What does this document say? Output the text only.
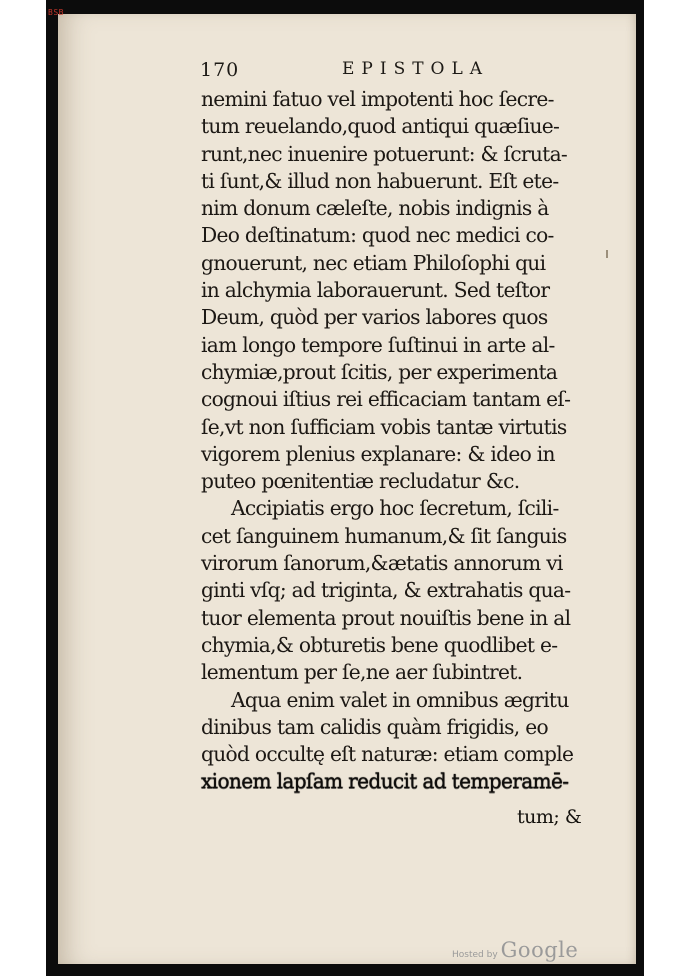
BSB
170	EPISTOLA
nemini fatuo vel impotenti hoc ſecre-
tum reuelando,quod antiqui quæſiue-
runt,nec inuenire potuerunt: & ſcruta-
ti ſunt,& illud non habuerunt. Eſt ete-
nim donum cæleſte, nobis indignis à
Deo deſtinatum: quod nec medici co-
gnouerunt, nec etiam Philoſophi qui
in alchymia laborauerunt. Sed teſtor
Deum, quòd per varios labores quos
iam longo tempore ſuſtinui in arte al-
chymiæ,prout ſcitis, per experimenta
cognoui iſtius rei efficaciam tantam eſ-
ſe,vt non ſufficiam vobis tantæ virtutis
vigorem plenius explanare: & ideo in
puteo pœnitentiæ recludatur &c.
Accipiatis ergo hoc ſecretum, ſcili-
cet ſanguinem humanum,& ſit ſanguis
virorum ſanorum,&ætatis annorum vi
ginti vſq; ad triginta, & extrahatis qua-
tuor elementa prout nouiſtis bene in al
chymia,& obturetis bene quodlibet e-
lementum per ſe,ne aer ſubintret.
Aqua enim valet in omnibus ægritu
dinibus tam calidis quàm frigidis, eo
quòd occultę eſt naturæ: etiam comple
xionem lapſam reducit ad temperamē-
tum; &
Hosted by Google
